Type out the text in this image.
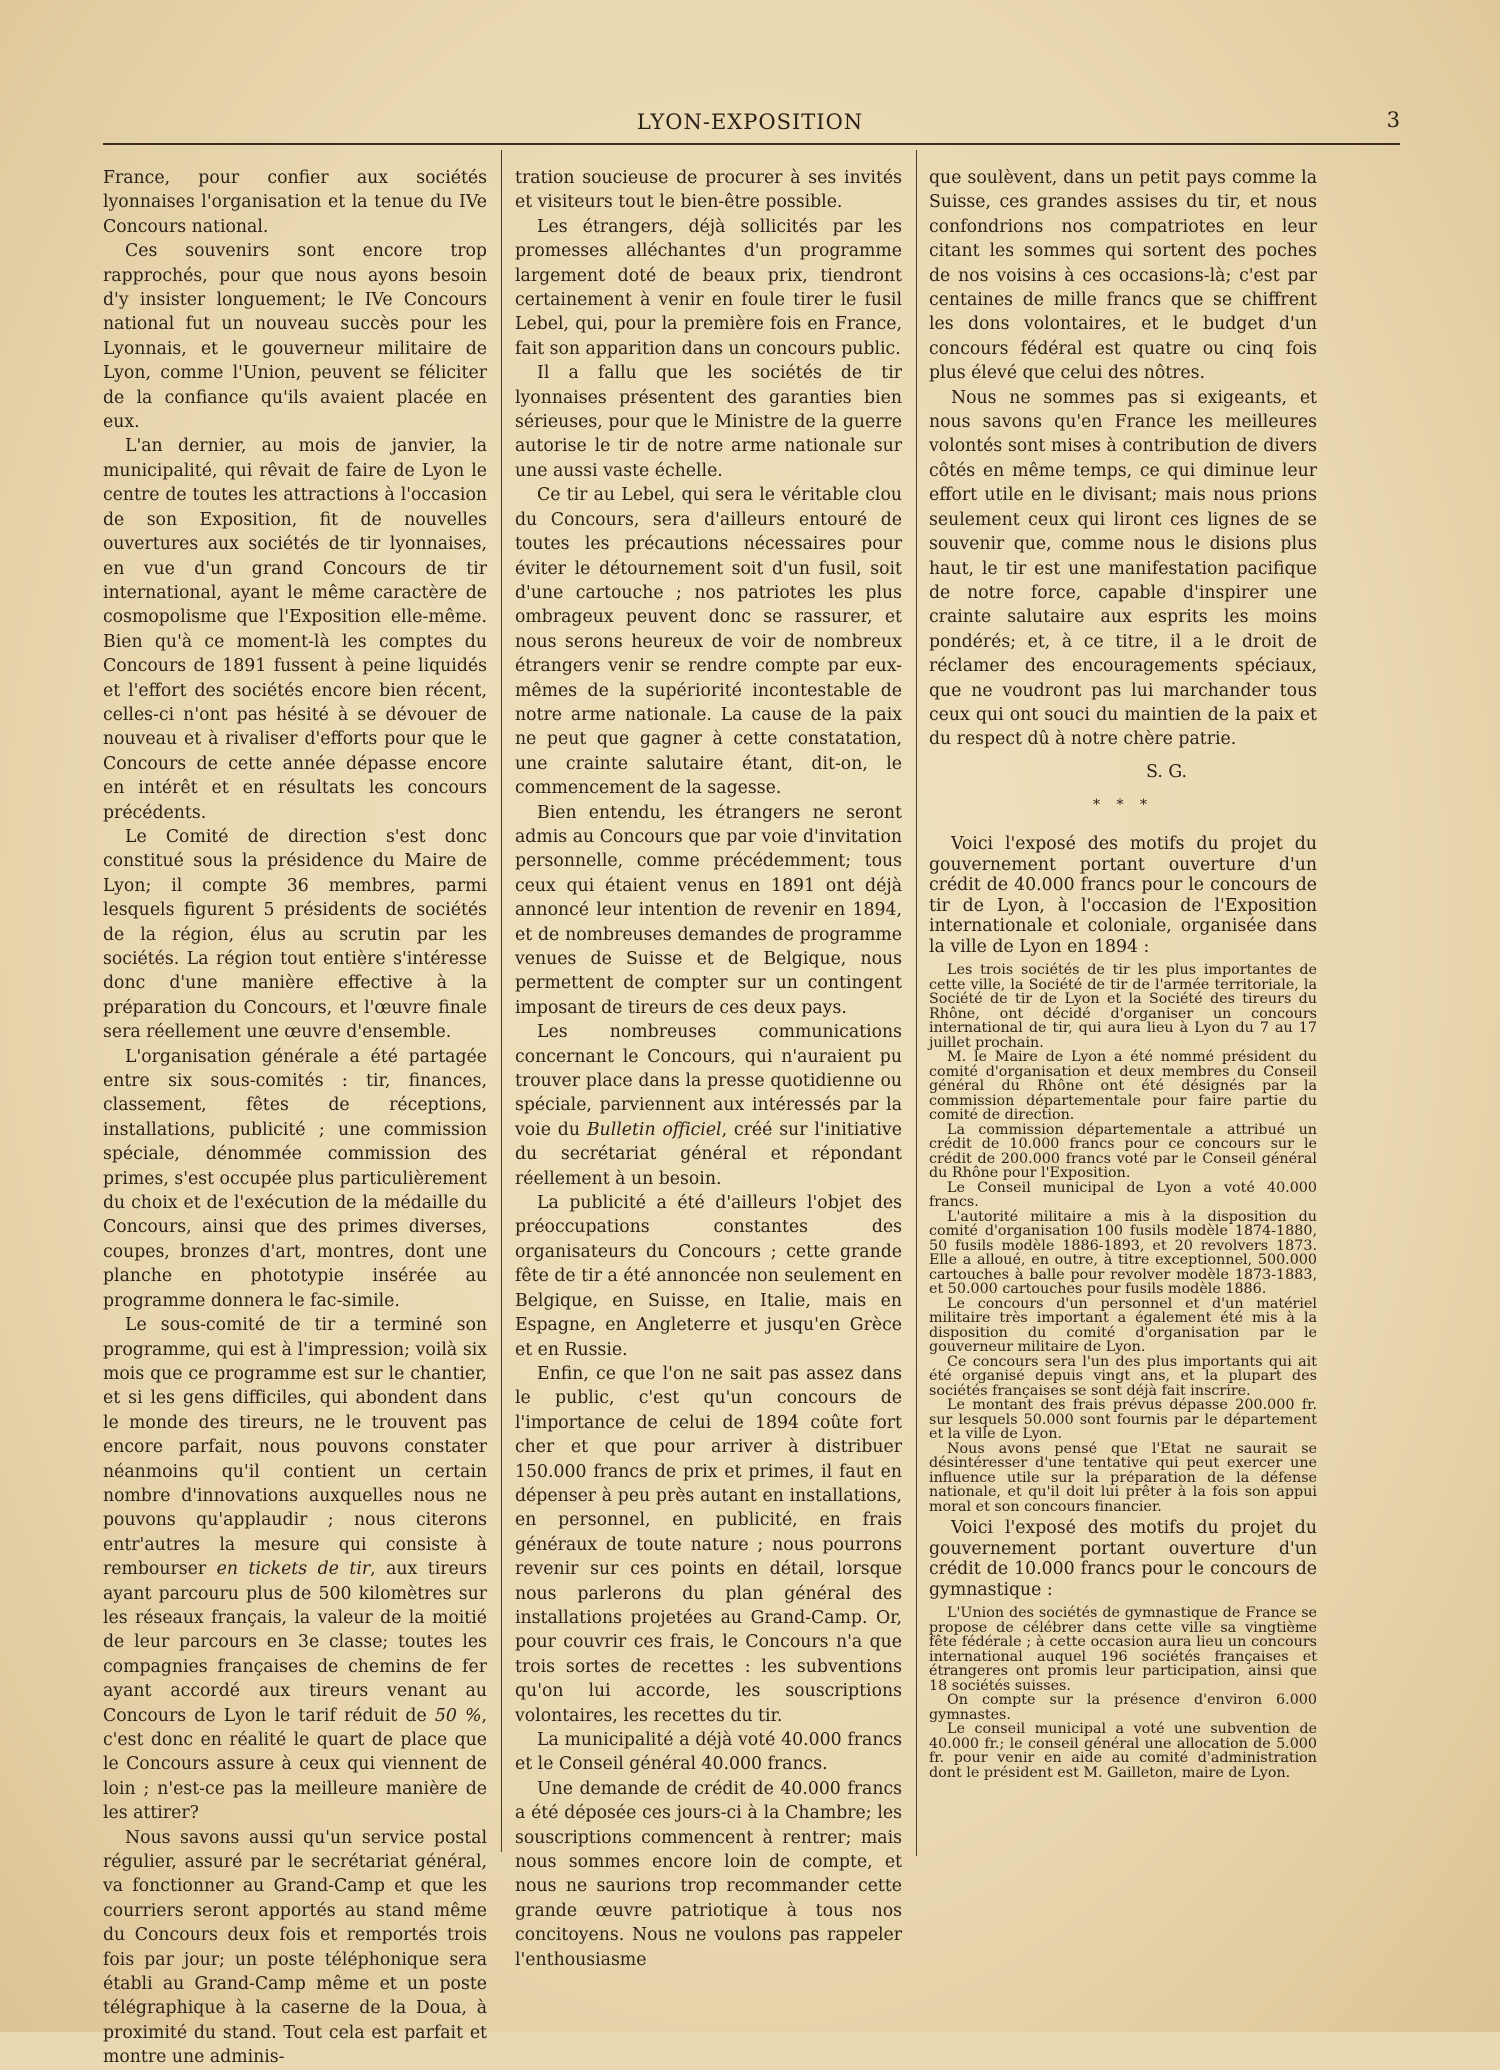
LYON-EXPOSITION	3

France, pour confier aux sociétés lyonnaises l'organisation et la tenue du IVe Concours national.

Ces souvenirs sont encore trop rapprochés, pour que nous ayons besoin d'y insister longuement; le IVe Concours national fut un nouveau succès pour les Lyonnais, et le gouverneur militaire de Lyon, comme l'Union, peuvent se féliciter de la confiance qu'ils avaient placée en eux.

L'an dernier, au mois de janvier, la municipalité, qui rêvait de faire de Lyon le centre de toutes les attractions à l'occasion de son Exposition, fit de nouvelles ouvertures aux sociétés de tir lyonnaises, en vue d'un grand Concours de tir international, ayant le même caractère de cosmopolisme que l'Exposition elle-même. Bien qu'à ce moment-là les comptes du Concours de 1891 fussent à peine liquidés et l'effort des sociétés encore bien récent, celles-ci n'ont pas hésité à se dévouer de nouveau et à rivaliser d'efforts pour que le Concours de cette année dépasse encore en intérêt et en résultats les concours précédents.

Le Comité de direction s'est donc constitué sous la présidence du Maire de Lyon; il compte 36 membres, parmi lesquels figurent 5 présidents de sociétés de la région, élus au scrutin par les sociétés. La région tout entière s'intéresse donc d'une manière effective à la préparation du Concours, et l'œuvre finale sera réellement une œuvre d'ensemble.

L'organisation générale a été partagée entre six sous-comités : tir, finances, classement, fêtes de réceptions, installations, publicité ; une commission spéciale, dénommée commission des primes, s'est occupée plus particulièrement du choix et de l'exécution de la médaille du Concours, ainsi que des primes diverses, coupes, bronzes d'art, montres, dont une planche en phototypie insérée au programme donnera le fac-simile.

Le sous-comité de tir a terminé son programme, qui est à l'impression; voilà six mois que ce programme est sur le chantier, et si les gens difficiles, qui abondent dans le monde des tireurs, ne le trouvent pas encore parfait, nous pouvons constater néanmoins qu'il contient un certain nombre d'innovations auxquelles nous ne pouvons qu'applaudir ; nous citerons entr'autres la mesure qui consiste à rembourser en tickets de tir, aux tireurs ayant parcouru plus de 500 kilomètres sur les réseaux français, la valeur de la moitié de leur parcours en 3e classe; toutes les compagnies françaises de chemins de fer ayant accordé aux tireurs venant au Concours de Lyon le tarif réduit de 50 %, c'est donc en réalité le quart de place que le Concours assure à ceux qui viennent de loin ; n'est-ce pas la meilleure manière de les attirer?

Nous savons aussi qu'un service postal régulier, assuré par le secrétariat général, va fonctionner au Grand-Camp et que les courriers seront apportés au stand même du Concours deux fois et remportés trois fois par jour; un poste téléphonique sera établi au Grand-Camp même et un poste télégraphique à la caserne de la Doua, à proximité du stand. Tout cela est parfait et montre une adminis-

tration soucieuse de procurer à ses invités et visiteurs tout le bien-être possible.

Les étrangers, déjà sollicités par les promesses alléchantes d'un programme largement doté de beaux prix, tiendront certainement à venir en foule tirer le fusil Lebel, qui, pour la première fois en France, fait son apparition dans un concours public.

Il a fallu que les sociétés de tir lyonnaises présentent des garanties bien sérieuses, pour que le Ministre de la guerre autorise le tir de notre arme nationale sur une aussi vaste échelle.

Ce tir au Lebel, qui sera le véritable clou du Concours, sera d'ailleurs entouré de toutes les précautions nécessaires pour éviter le détournement soit d'un fusil, soit d'une cartouche ; nos patriotes les plus ombrageux peuvent donc se rassurer, et nous serons heureux de voir de nombreux étrangers venir se rendre compte par eux-mêmes de la supériorité incontestable de notre arme nationale. La cause de la paix ne peut que gagner à cette constatation, une crainte salutaire étant, dit-on, le commencement de la sagesse.

Bien entendu, les étrangers ne seront admis au Concours que par voie d'invitation personnelle, comme précédemment; tous ceux qui étaient venus en 1891 ont déjà annoncé leur intention de revenir en 1894, et de nombreuses demandes de programme venues de Suisse et de Belgique, nous permettent de compter sur un contingent imposant de tireurs de ces deux pays.

Les nombreuses communications concernant le Concours, qui n'auraient pu trouver place dans la presse quotidienne ou spéciale, parviennent aux intéressés par la voie du Bulletin officiel, créé sur l'initiative du secrétariat général et répondant réellement à un besoin.

La publicité a été d'ailleurs l'objet des préoccupations constantes des organisateurs du Concours ; cette grande fête de tir a été annoncée non seulement en Belgique, en Suisse, en Italie, mais en Espagne, en Angleterre et jusqu'en Grèce et en Russie.

Enfin, ce que l'on ne sait pas assez dans le public, c'est qu'un concours de l'importance de celui de 1894 coûte fort cher et que pour arriver à distribuer 150.000 francs de prix et primes, il faut en dépenser à peu près autant en installations, en personnel, en publicité, en frais généraux de toute nature ; nous pourrons revenir sur ces points en détail, lorsque nous parlerons du plan général des installations projetées au Grand-Camp. Or, pour couvrir ces frais, le Concours n'a que trois sortes de recettes : les subventions qu'on lui accorde, les souscriptions volontaires, les recettes du tir.

La municipalité a déjà voté 40.000 francs et le Conseil général 40.000 francs.

Une demande de crédit de 40.000 francs a été déposée ces jours-ci à la Chambre; les souscriptions commencent à rentrer; mais nous sommes encore loin de compte, et nous ne saurions trop recommander cette grande œuvre patriotique à tous nos concitoyens. Nous ne voulons pas rappeler l'enthousiasme

que soulèvent, dans un petit pays comme la Suisse, ces grandes assises du tir, et nous confondrions nos compatriotes en leur citant les sommes qui sortent des poches de nos voisins à ces occasions-là; c'est par centaines de mille francs que se chiffrent les dons volontaires, et le budget d'un concours fédéral est quatre ou cinq fois plus élevé que celui des nôtres.

Nous ne sommes pas si exigeants, et nous savons qu'en France les meilleures volontés sont mises à contribution de divers côtés en même temps, ce qui diminue leur effort utile en le divisant; mais nous prions seulement ceux qui liront ces lignes de se souvenir que, comme nous le disions plus haut, le tir est une manifestation pacifique de notre force, capable d'inspirer une crainte salutaire aux esprits les moins pondérés; et, à ce titre, il a le droit de réclamer des encouragements spéciaux, que ne voudront pas lui marchander tous ceux qui ont souci du maintien de la paix et du respect dû à notre chère patrie.

S. G.

* * *

Voici l'exposé des motifs du projet du gouvernement portant ouverture d'un crédit de 40.000 francs pour le concours de tir de Lyon, à l'occasion de l'Exposition internationale et coloniale, organisée dans la ville de Lyon en 1894 :

Les trois sociétés de tir les plus importantes de cette ville, la Société de tir de l'armée territoriale, la Société de tir de Lyon et la Société des tireurs du Rhône, ont décidé d'organiser un concours international de tir, qui aura lieu à Lyon du 7 au 17 juillet prochain.

M. le Maire de Lyon a été nommé président du comité d'organisation et deux membres du Conseil général du Rhône ont été désignés par la commission départementale pour faire partie du comité de direction.

La commission départementale a attribué un crédit de 10.000 francs pour ce concours sur le crédit de 200.000 francs voté par le Conseil général du Rhône pour l'Exposition.

Le Conseil municipal de Lyon a voté 40.000 francs.

L'autorité militaire a mis à la disposition du comité d'organisation 100 fusils modèle 1874-1880, 50 fusils modèle 1886-1893, et 20 revolvers 1873. Elle a alloué, en outre, à titre exceptionnel, 500.000 cartouches à balle pour revolver modèle 1873-1883, et 50.000 cartouches pour fusils modèle 1886.

Le concours d'un personnel et d'un matériel militaire très important a également été mis à la disposition du comité d'organisation par le gouverneur militaire de Lyon.

Ce concours sera l'un des plus importants qui ait été organisé depuis vingt ans, et la plupart des sociétés françaises se sont déjà fait inscrire.

Le montant des frais prévus dépasse 200.000 fr. sur lesquels 50.000 sont fournis par le département et la ville de Lyon.

Nous avons pensé que l'Etat ne saurait se désintéresser d'une tentative qui peut exercer une influence utile sur la préparation de la défense nationale, et qu'il doit lui prêter à la fois son appui moral et son concours financier.

Voici l'exposé des motifs du projet du gouvernement portant ouverture d'un crédit de 10.000 francs pour le concours de gymnastique :

L'Union des sociétés de gymnastique de France se propose de célébrer dans cette ville sa vingtième fête fédérale ; à cette occasion aura lieu un concours international auquel 196 sociétés françaises et étrangeres ont promis leur participation, ainsi que 18 sociétés suisses.

On compte sur la présence d'environ 6.000 gymnastes.

Le conseil municipal a voté une subvention de 40.000 fr.; le conseil général une allocation de 5.000 fr. pour venir en aide au comité d'administration dont le président est M. Gailleton, maire de Lyon.
